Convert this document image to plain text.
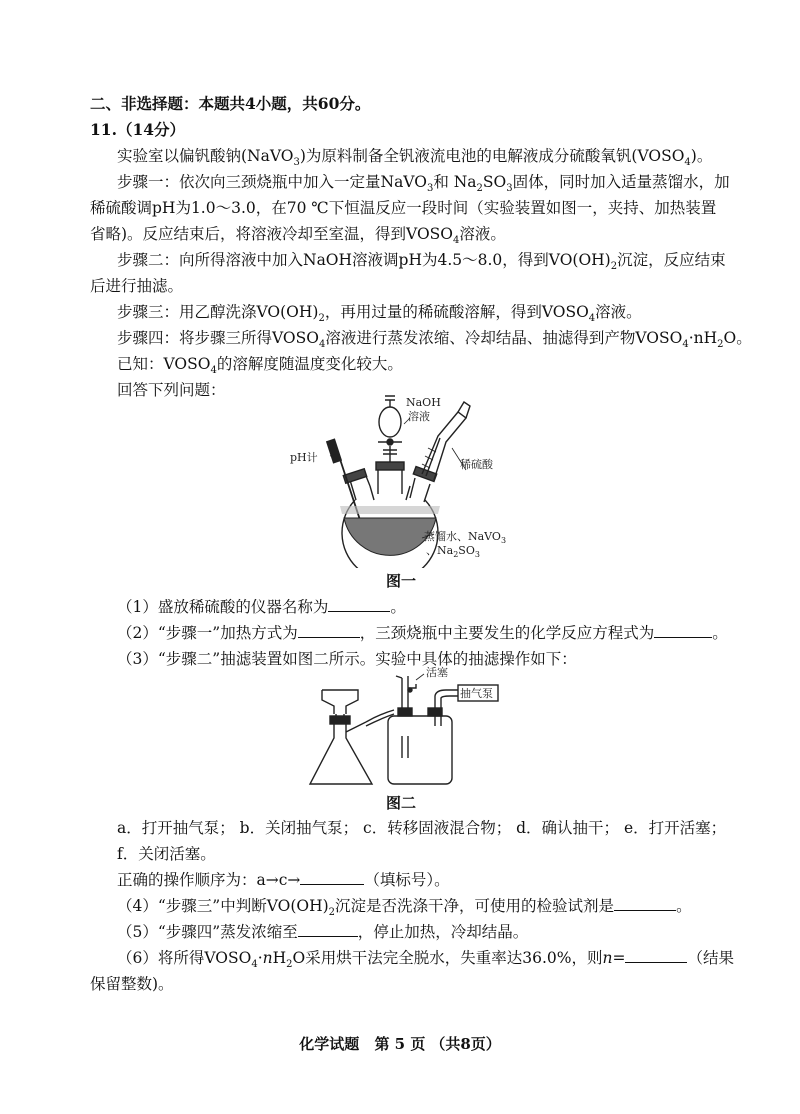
二、非选择题：本题共4小题，共60分。
11.（14分）
实验室以偏钒酸钠(NaVO$_3$)为原料制备全钒液流电池的电解液成分硫酸氧钒$(VOSO_4)$。
步骤一：依次向三颈烧瓶中加入一定量NaVO$_3$和 $Na_2SO_3$固体，同时加入适量蒸馏水，加
稀硫酸调pH为1.0～3.0，在70 ℃下恒温反应一段时间（实验装置如图一，夹持、加热装置
省略)。反应结束后，将溶液冷却至室温，得到$VOSO_4$溶液。
步骤二：向所得溶液中加入NaOH溶液调pH为4.5～8.0，得到$VO(OH)_2$沉淀，反应结束
后进行抽滤。
步骤三：用乙醇洗涤$VO(OH)_2$，再用过量的稀硫酸溶解，得到$VOSO_4$溶液。
步骤四：将步骤三所得$VOSO_4$溶液进行蒸发浓缩、冷却结晶、抽滤得到产物$VOSO_4\cdot nH_2O$。
已知：$VOSO_4$的溶解度随温度变化较大。
回答下列问题：
NaOH
溶液
pH计
稀硫酸
蒸馏水、NaVO$_3$
、$Na_2SO_3$
图一
（1）盛放稀硫酸的仪器名称为	。
（2）“步骤一”加热方式为	，三颈烧瓶中主要发生的化学反应方程式为	。
（3）“步骤二”抽滤装置如图二所示。实验中具体的抽滤操作如下：
活塞
抽气泵
图二
a．打开抽气泵； b．关闭抽气泵； c．转移固液混合物； d．确认抽干； e．打开活塞；
f．关闭活塞。
正确的操作顺序为：a→c→	（填标号）。
（4）“步骤三”中判断$VO(OH)_2$沉淀是否洗涤干净，可使用的检验试剂是	。
（5）“步骤四”蒸发浓缩至	，停止加热，冷却结晶。
（6）将所得$VOSO_4\cdot nH_2O$采用烘干法完全脱水，失重率达36.0%，则n=	（结果
保留整数)。
化学试题 第 5 页 （共8页）
